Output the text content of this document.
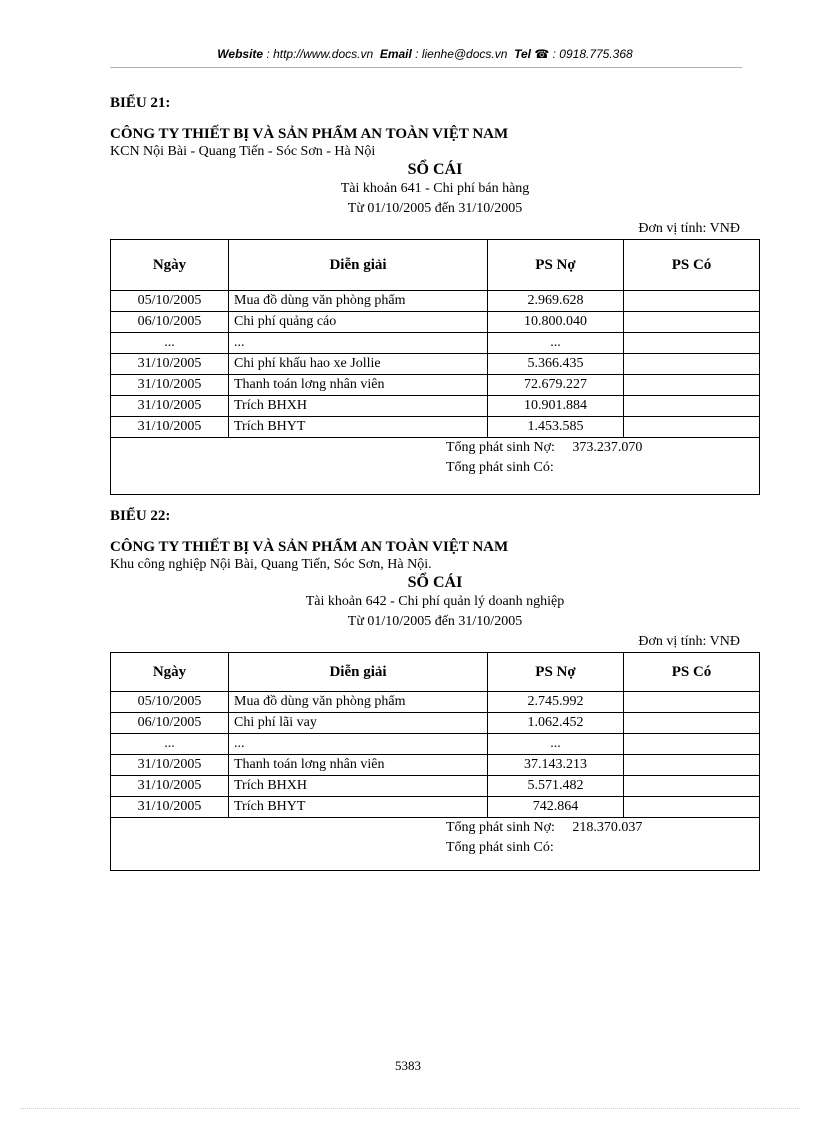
Website : http://www.docs.vn Email : lienhe@docs.vn Tel ☎ : 0918.775.368
BIỂU 21:
CÔNG TY THIẾT BỊ VÀ SẢN PHẨM AN TOÀN VIỆT NAM
KCN Nội Bài - Quang Tiến - Sóc Sơn - Hà Nội
SỔ CÁI
Tài khoản 641 - Chi phí bán hàng
Từ 01/10/2005 đến 31/10/2005
Đơn vị tính: VNĐ
Ngày	Diễn giải	PS Nợ	PS Có
05/10/2005	Mua đồ dùng văn phòng phẩm	2.969.628	
06/10/2005	Chi phí quảng cáo	10.800.040	
...	...	...	
31/10/2005	Chi phí khấu hao xe Jollie	5.366.435	
31/10/2005	Thanh toán lơng nhân viên	72.679.227	
31/10/2005	Trích BHXH	10.901.884	
31/10/2005	Trích BHYT	1.453.585	

Tổng phát sinh Nợ: 373.237.070
Tổng phát sinh Có:			
BIỂU 22:
CÔNG TY THIẾT BỊ VÀ SẢN PHẨM AN TOÀN VIỆT NAM
Khu công nghiệp Nội Bài, Quang Tiến, Sóc Sơn, Hà Nội.
SỔ CÁI
Tài khoản 642 - Chi phí quản lý doanh nghiệp
Từ 01/10/2005 đến 31/10/2005
Đơn vị tính: VNĐ
Ngày	Diễn giải	PS Nợ	PS Có
05/10/2005	Mua đồ dùng văn phòng phẩm	2.745.992	
06/10/2005	Chi phí lãi vay	1.062.452	
...	...	...	
31/10/2005	Thanh toán lơng nhân viên	37.143.213	
31/10/2005	Trích BHXH	5.571.482	
31/10/2005	Trích BHYT	742.864	

Tổng phát sinh Nợ: 218.370.037
Tổng phát sinh Có:			
5383
